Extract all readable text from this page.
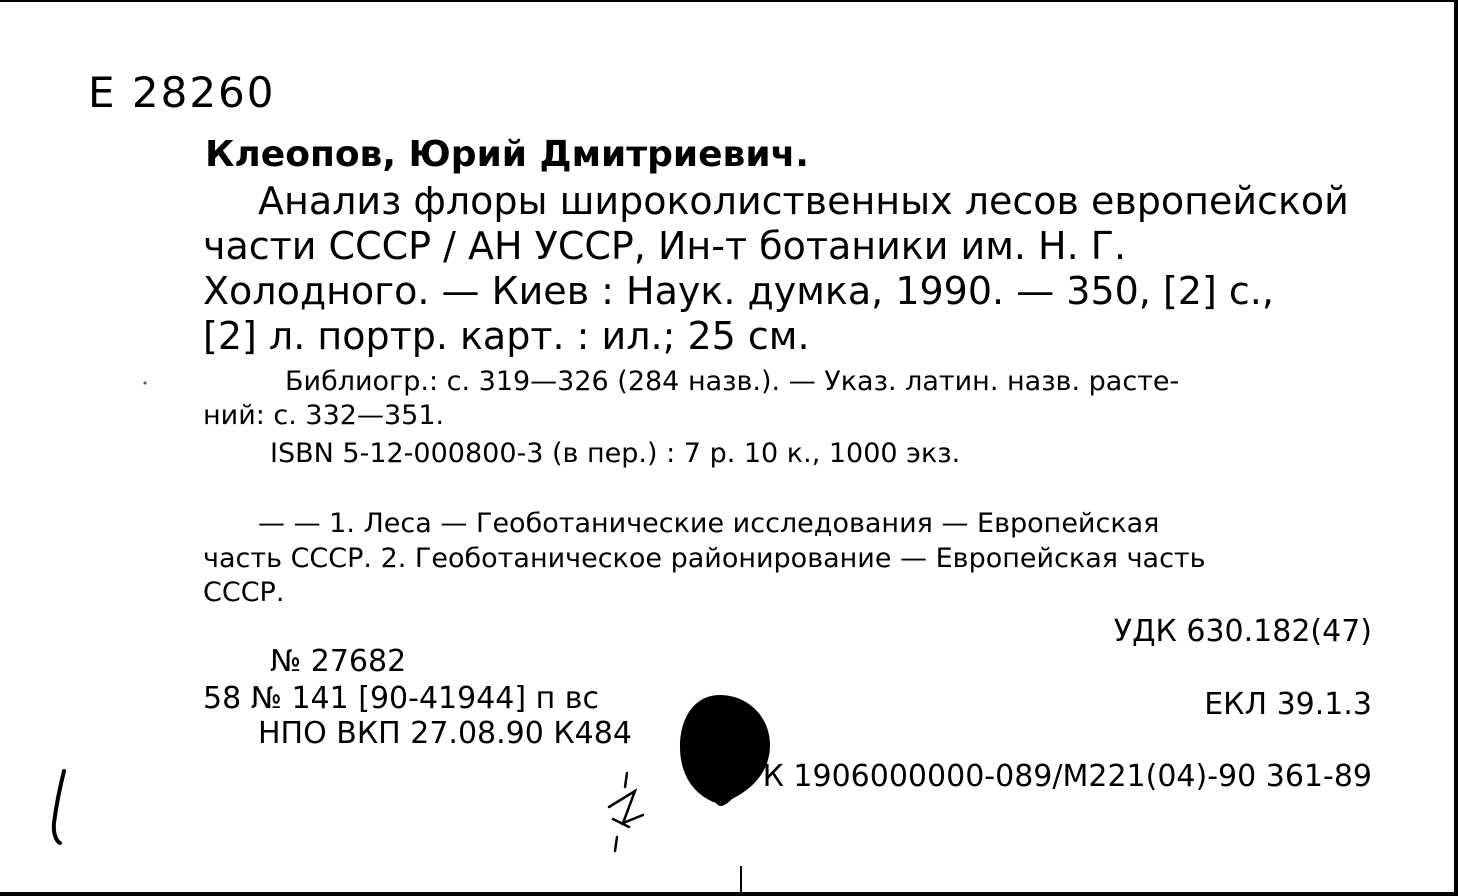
Е 28260
Клеопов, Юрий Дмитриевич.
Анализ флоры широколиственных лесов европейской
части СССР / АН УССР, Ин-т ботаники им. Н. Г.
Холодного. — Киев : Наук. думка, 1990. — 350, [2] с.,
[2] л. портр. карт. : ил.; 25 см.
Библиогр.: с. 319—326 (284 назв.). — Указ. латин. назв. расте-
ний: с. 332—351.
ISBN 5-12-000800-3 (в пер.) : 7 р. 10 к., 1000 экз.
— — 1. Леса — Геоботанические исследования — Европейская
часть СССР. 2. Геоботаническое районирование — Европейская часть
СССР.
УДК 630.182(47)
№ 27682
58 № 141 [90-41944] п вс
НПО ВКП 27.08.90 К484
ЕКЛ 39.1.3
К 1906000000-089/М221(04)-90 361-89
